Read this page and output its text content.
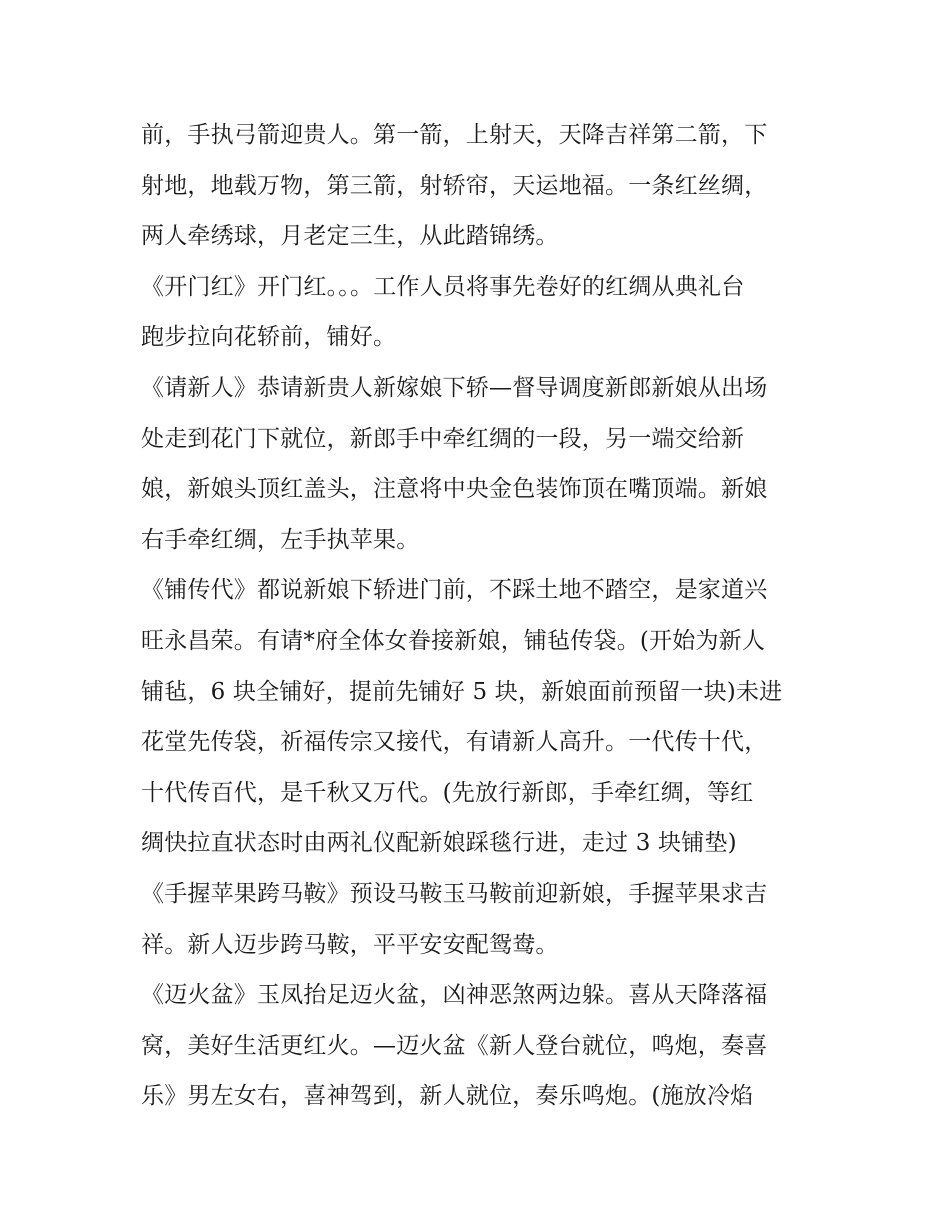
前，手执弓箭迎贵人。第一箭，上射天，天降吉祥第二箭，下
射地，地载万物，第三箭，射轿帘，天运地福。一条红丝绸，
两人牵绣球，月老定三生，从此踏锦绣。
《开门红》开门红。。。工作人员将事先卷好的红绸从典礼台
跑步拉向花轿前，铺好。
《请新人》恭请新贵人新嫁娘下轿—督导调度新郎新娘从出场
处走到花门下就位，新郎手中牵红绸的一段，另一端交给新
娘，新娘头顶红盖头，注意将中央金色装饰顶在嘴顶端。新娘
右手牵红绸，左手执苹果。
《铺传代》都说新娘下轿进门前，不踩土地不踏空，是家道兴
旺永昌荣。有请*府全体女眷接新娘，铺毡传袋。(开始为新人
铺毡，6 块全铺好，提前先铺好 5 块，新娘面前预留一块)未进
花堂先传袋，祈福传宗又接代，有请新人高升。一代传十代，
十代传百代，是千秋又万代。(先放行新郎，手牵红绸，等红
绸快拉直状态时由两礼仪配新娘踩毯行进，走过 3 块铺垫)
《手握苹果跨马鞍》预设马鞍玉马鞍前迎新娘，手握苹果求吉
祥。新人迈步跨马鞍，平平安安配鸳鸯。
《迈火盆》玉凤抬足迈火盆，凶神恶煞两边躲。喜从天降落福
窝，美好生活更红火。—迈火盆《新人登台就位，鸣炮，奏喜
乐》男左女右，喜神驾到，新人就位，奏乐鸣炮。(施放冷焰
